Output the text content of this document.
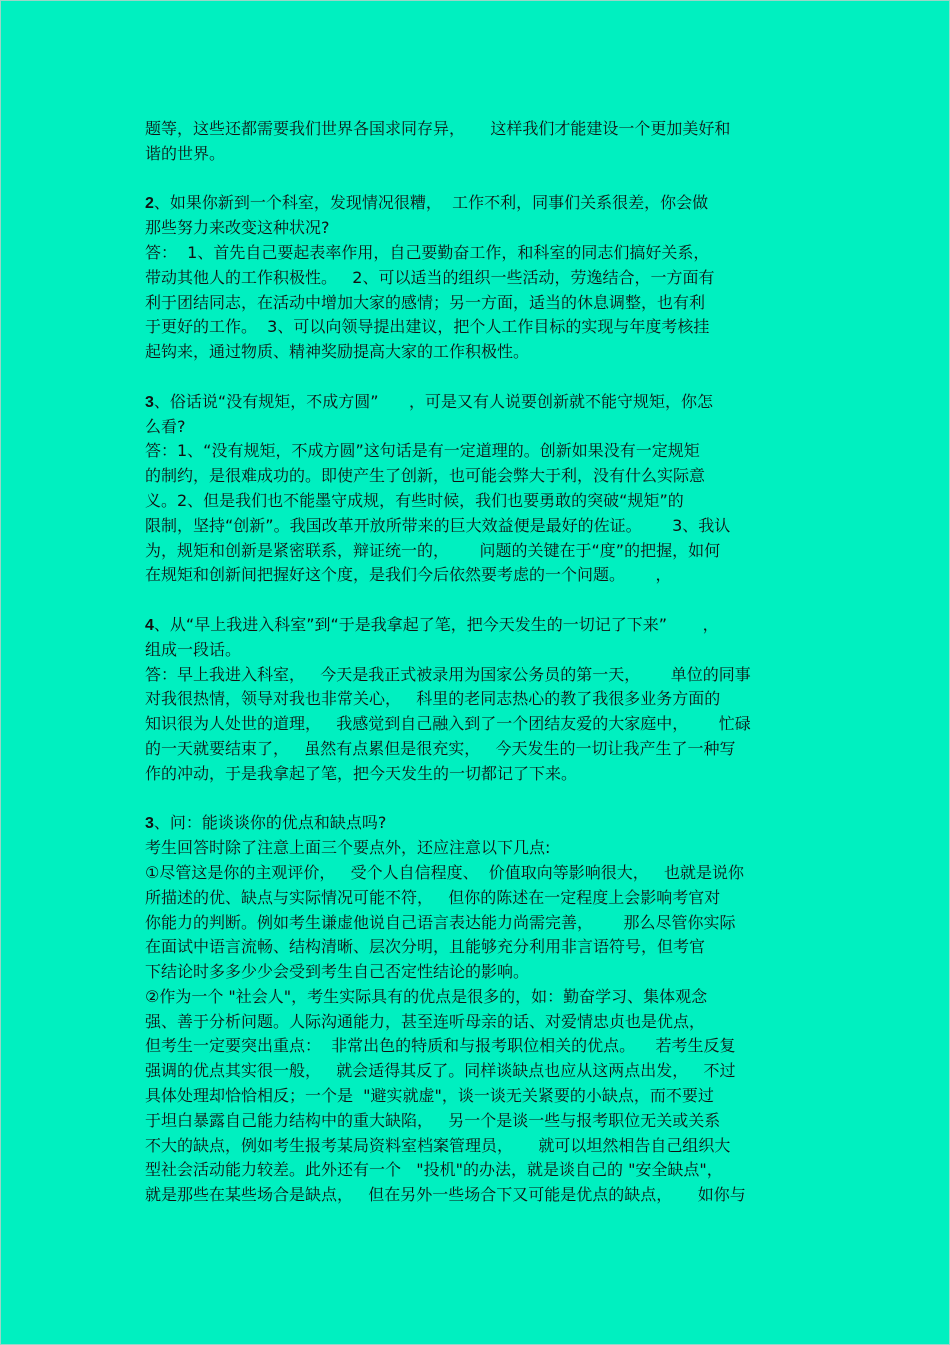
题等，这些还都需要我们世界各国求同存异，     这样我们才能建设一个更加美好和
谐的世界。
2、如果你新到一个科室，发现情况很糟，  工作不利，同事们关系很差，你会做
那些努力来改变这种状况?
答：  1、首先自己要起表率作用，自己要勤奋工作，和科室的同志们搞好关系，
带动其他人的工作积极性。   2、可以适当的组织一些活动，劳逸结合，一方面有
利于团结同志，在活动中增加大家的感情；另一方面，适当的休息调整，也有利
于更好的工作。  3、可以向领导提出建议，把个人工作目标的实现与年度考核挂
起钩来，通过物质、精神奖励提高大家的工作积极性。
3、俗话说“没有规矩，不成方圆”      ，可是又有人说要创新就不能守规矩，你怎
么看?
答：1、“没有规矩，不成方圆”这句话是有一定道理的。创新如果没有一定规矩
的制约，是很难成功的。即使产生了创新，也可能会弊大于利，没有什么实际意
义。2、但是我们也不能墨守成规，有些时候，我们也要勇敢的突破“规矩”的
限制，坚持“创新”。我国改革开放所带来的巨大效益便是最好的佐证。      3、我认
为，规矩和创新是紧密联系，辩证统一的，      问题的关键在于“度”的把握，如何
在规矩和创新间把握好这个度，是我们今后依然要考虑的一个问题。      ，
4、从“早上我进入科室”到“于是我拿起了笔，把今天发生的一切记了下来”       ，
组成一段话。
答：早上我进入科室，   今天是我正式被录用为国家公务员的第一天，      单位的同事
对我很热情，领导对我也非常关心，   科里的老同志热心的教了我很多业务方面的
知识很为人处世的道理，   我感觉到自己融入到了一个团结友爱的大家庭中，      忙碌
的一天就要结束了，   虽然有点累但是很充实，   今天发生的一切让我产生了一种写
作的冲动，于是我拿起了笔，把今天发生的一切都记了下来。
3、问：能谈谈你的优点和缺点吗?
考生回答时除了注意上面三个要点外，还应注意以下几点:
①尽管这是你的主观评价，   受个人自信程度、  价值取向等影响很大，   也就是说你
所描述的优、缺点与实际情况可能不符，   但你的陈述在一定程度上会影响考官对
你能力的判断。例如考生谦虚他说自己语言表达能力尚需完善，      那么尽管你实际
在面试中语言流畅、结构清晰、层次分明，且能够充分利用非言语符号，但考官
下结论时多多少少会受到考生自己否定性结论的影响。
②作为一个 "社会人"，考生实际具有的优点是很多的，如：勤奋学习、集体观念
强、善于分析问题。人际沟通能力，甚至连听母亲的话、对爱情忠贞也是优点，
但考生一定要突出重点：  非常出色的特质和与报考职位相关的优点。    若考生反复
强调的优点其实很一般，   就会适得其反了。同样谈缺点也应从这两点出发，   不过
具体处理却恰恰相反；一个是  "避实就虚"，谈一谈无关紧要的小缺点，而不要过
于坦白暴露自己能力结构中的重大缺陷，   另一个是谈一些与报考职位无关或关系
不大的缺点，例如考生报考某局资料室档案管理员，     就可以坦然相告自己组织大
型社会活动能力较差。此外还有一个   "投机"的办法，就是谈自己的 "安全缺点"，
就是那些在某些场合是缺点，   但在另外一些场合下又可能是优点的缺点，     如你与
